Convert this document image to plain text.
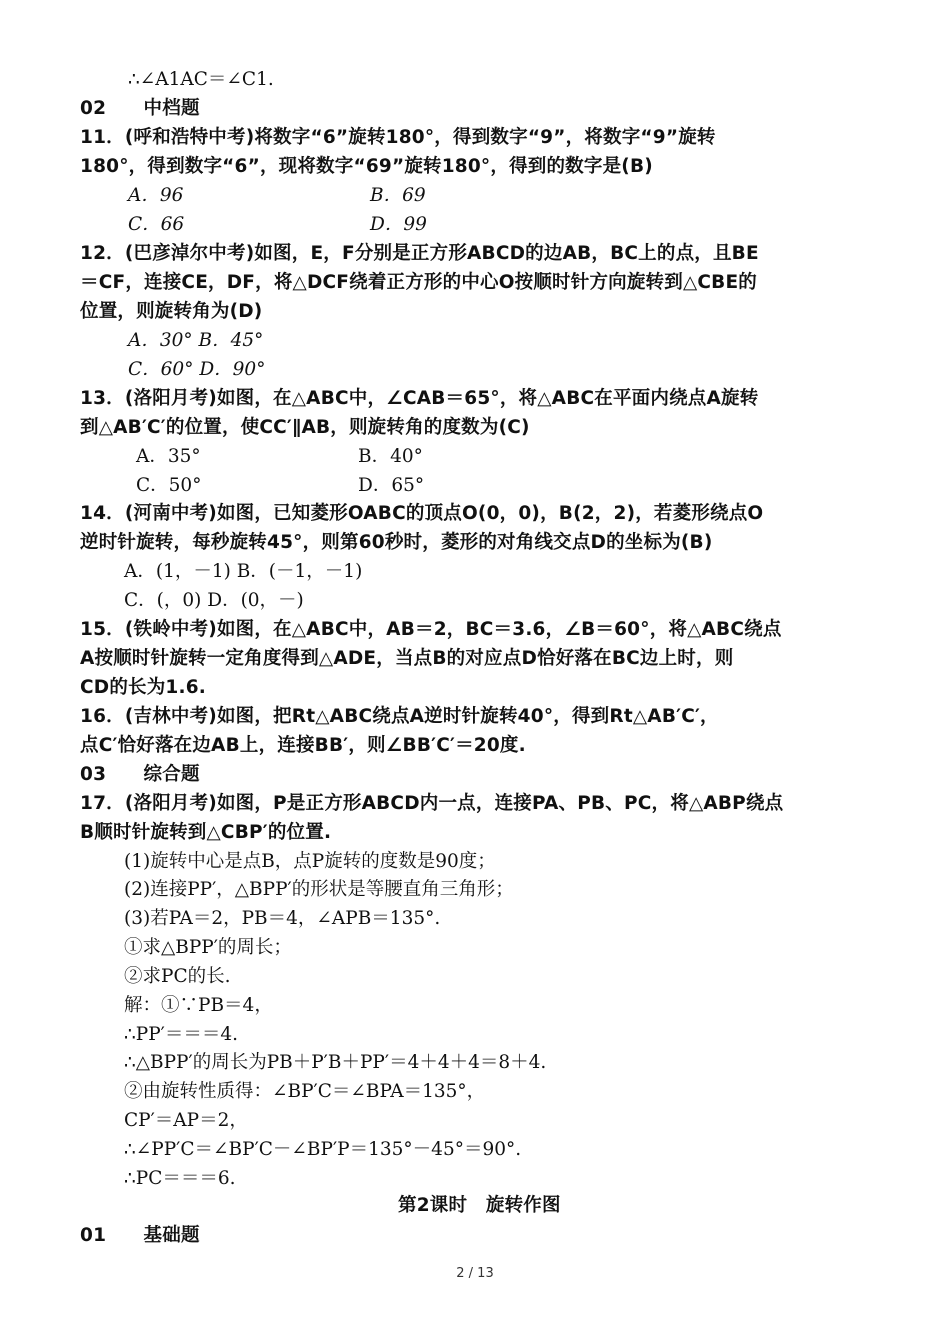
∴∠A1AC＝∠C1.
02　　中档题
11．(呼和浩特中考)将数字“6”旋转180°，得到数字“9”，将数字“9”旋转
180°，得到数字“6”，现将数字“69”旋转180°，得到的数字是(B)
A．96	B．69
C．66	D．99
12．(巴彦淖尔中考)如图，E，F分别是正方形ABCD的边AB，BC上的点，且BE
＝CF，连接CE，DF，将△DCF绕着正方形的中心O按顺时针方向旋转到△CBE的
位置，则旋转角为(D)
A．30° B．45°
C．60° D．90°
13．(洛阳月考)如图，在△ABC中，∠CAB＝65°，将△ABC在平面内绕点A旋转
到△AB′C′的位置，使CC′∥AB，则旋转角的度数为(C)
A．35°	B．40°
C．50°	D．65°
14．(河南中考)如图，已知菱形OABC的顶点O(0，0)，B(2，2)，若菱形绕点O
逆时针旋转，每秒旋转45°，则第60秒时，菱形的对角线交点D的坐标为(B)
A．(1，－1) B．(－1，－1)
C．(，0) D．(0，－)
15．(铁岭中考)如图，在△ABC中，AB＝2，BC＝3.6，∠B＝60°，将△ABC绕点
A按顺时针旋转一定角度得到△ADE，当点B的对应点D恰好落在BC边上时，则
CD的长为1.6.
16．(吉林中考)如图，把Rt△ABC绕点A逆时针旋转40°，得到Rt△AB′C′，
点C′恰好落在边AB上，连接BB′，则∠BB′C′＝20度.
03　　综合题
17．(洛阳月考)如图，P是正方形ABCD内一点，连接PA、PB、PC，将△ABP绕点
B顺时针旋转到△CBP′的位置.
(1)旋转中心是点B，点P旋转的度数是90度；
(2)连接PP′，△BPP′的形状是等腰直角三角形；
(3)若PA＝2，PB＝4，∠APB＝135°.
①求△BPP′的周长；
②求PC的长.
解：①∵PB＝4，
∴PP′＝＝＝4.
∴△BPP′的周长为PB＋P′B＋PP′＝4＋4＋4＝8＋4.
②由旋转性质得：∠BP′C＝∠BPA＝135°，
CP′＝AP＝2，
∴∠PP′C＝∠BP′C－∠BP′P＝135°－45°＝90°.
∴PC＝＝＝6.
第2课时　旋转作图
01　　基础题
2 / 13
